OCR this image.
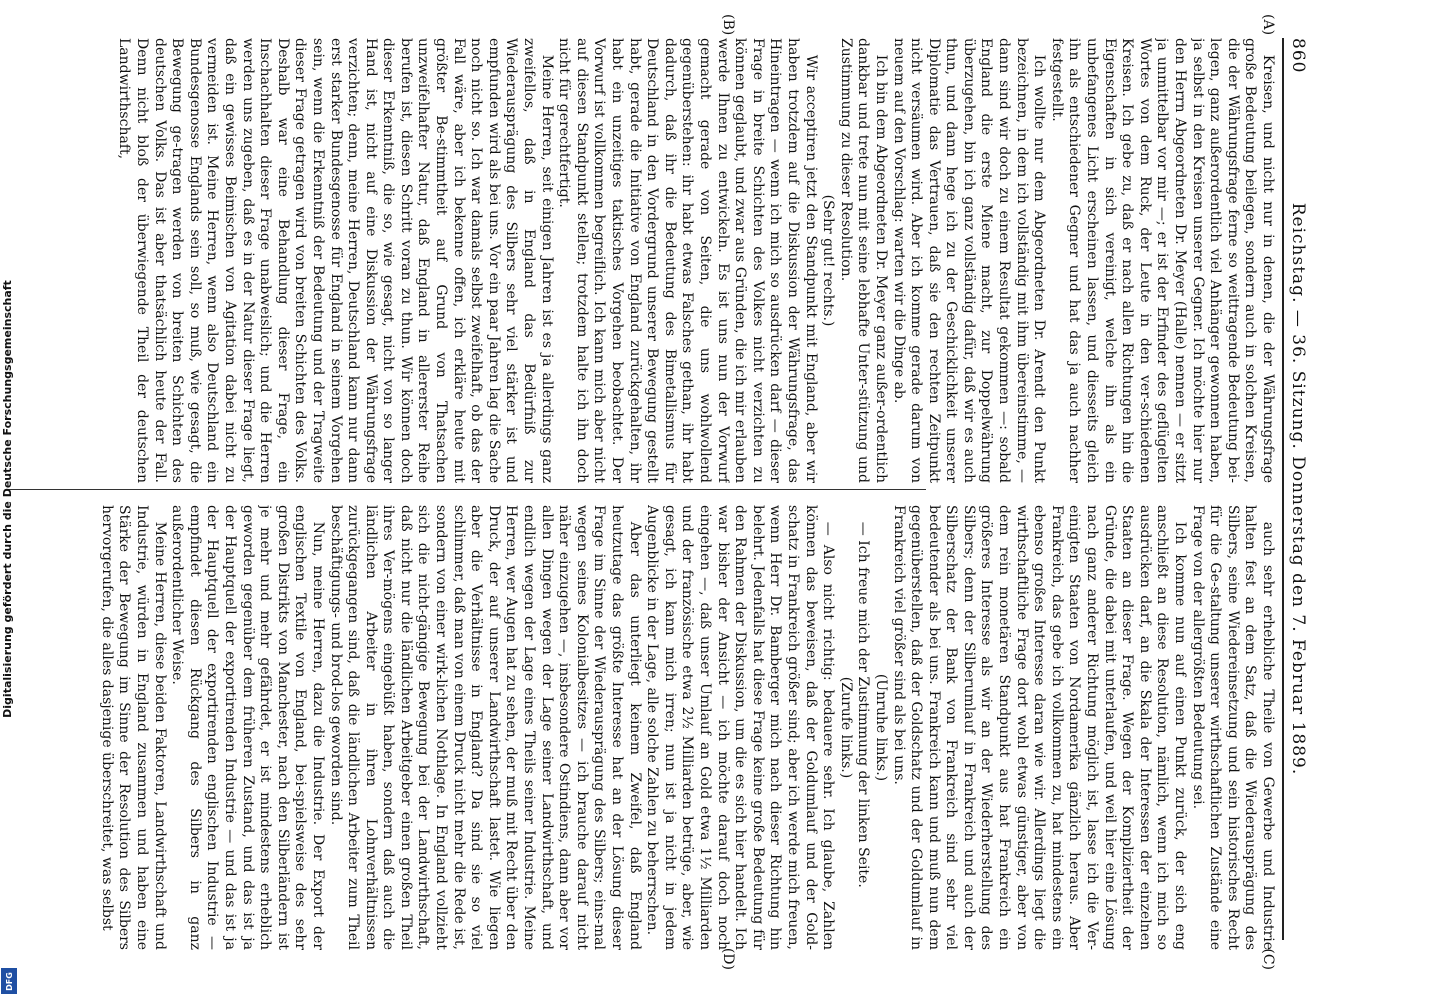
860
Reichstag. — 36. Sitzung. Donnerstag den 7. Februar 1889.
(A)
(B)
(C)
(D)

Kreisen, und nicht nur in denen, die der Währungsfrage große Bedeutung beilegen, sondern auch in solchen Kreisen, die der Währungsfrage ferne so weittragende Bedeutung bei-legen, ganz außerordentlich viel Anhänger gewonnen haben, ja selbst in den Kreisen unserer Gegner. Ich möchte hier nur den Herrn Abgeordneten Dr. Meyer (Halle) nennen — er sitzt ja unmittelbar vor mir —; er ist der Erfinder des geflügelten Wortes von dem Ruck, der Leute in den ver-schiedenen Kreisen. Ich gebe zu, daß er nach allen Richtungen hin die Eigenschaften in sich vereinigt, welche ihn als ein unbefangenes Licht erscheinen lassen, und diesseits gleich ihn als entschiedener Gegner und hat das ja auch nachher festgestellt.

Ich wollte nur dem Abgeordneten Dr. Arendt den Punkt bezeichnen, in dem ich vollständig mit ihm übereinstimme, — dann sind wir doch zu einem Resultat gekommen —: sobald England die erste Miene macht, zur Doppelwährung überzugehen, bin ich ganz vollständig dafür, daß wir es auch thun, und dann hege ich zu der Geschicklichkeit unserer Diplomatie das Vertrauen, daß sie den rechten Zeitpunkt nicht versäumen wird. Aber ich komme gerade darum von neuem auf den Vorschlag: warten wir die Dinge ab.

Ich bin dem Abgeordneten Dr. Meyer ganz außer-ordentlich dankbar und trete nun mit seine lebhafte Unter-stützung und Zustimmung zu dieser Resolution.

(Sehr gut! rechts.)

Wir acceptiren jetzt den Standpunkt mit England, aber wir haben trotzdem auf die Diskussion der Währungsfrage, das Hineintragen — wenn ich mich so ausdrücken darf — dieser Frage in breite Schichten des Volkes nicht verzichten zu können geglaubt, und zwar aus Gründen, die ich mir erlauben werde Ihnen zu entwickeln. Es ist uns nun der Vorwurf gemacht gerade von Seiten, die uns wohlwollend gegenüberstehen: ihr habt etwas Falsches gethan, ihr habt dadurch, daß ihr die Bedeutung des Bimetallismus für Deutschland in den Vordergrund unserer Bewegung gestellt habt, gerade die Initiative von England zurückgehalten, ihr habt ein unzeitiges taktisches Vorgehen beobachtet. Der Vorwurf ist vollkommen begreiflich. Ich kann mich aber nicht auf diesen Standpunkt stellen; trotzdem halte ich ihn doch nicht für gerechtfertigt.

Meine Herren, seit einigen Jahren ist es ja allerdings ganz zweifellos, daß in England das Bedürfniß zur Wiederausprägung des Silbers sehr viel stärker ist und empfunden wird als bei uns. Vor ein paar Jahren lag die Sache noch nicht so. Ich war damals selbst zweifelhaft, ob das der Fall wäre, aber ich bekenne offen, ich erkläre heute mit größter Be-stimmtheit auf Grund von Thatsachen unzweifelhafter Natur, daß England in allererster Reihe berufen ist, diesen Schritt voran zu thun. Wir können doch dieser Erkenntniß, die so, wie gesagt, nicht von so langer Hand ist, nicht auf eine Diskussion der Währungsfrage verzichten; denn, meine Herren, Deutschland kann nur dann erst starker Bundesgenosse für England in seinem Vorgehen sein, wenn die Erkenntniß der Bedeutung und der Tragweite dieser Frage getragen wird von breiten Schichten des Volks. Deshalb war eine Behandlung dieser Frage, ein Inschachhalten dieser Frage unabweislich; und die Herren werden uns zugeben, daß es in der Natur dieser Frage liegt, daß ein gewisses Beimischen von Agitation dabei nicht zu vermeiden ist. Meine Herren, wenn also Deutschland ein Bundesgenosse Englands sein soll, so muß, wie gesagt, die Bewegung ge-tragen werden von breiten Schichten des deutschen Volks. Das ist aber thatsächlich heute der Fall. Denn nicht bloß der überwiegende Theil der deutschen Landwirthschaft,

auch sehr erhebliche Theile von Gewerbe und Industrie halten fest an dem Satz, daß die Wiederausprägung des Silbers, seine Wiedereinsetzung und sein historisches Recht für die Ge-staltung unserer wirthschaftlichen Zustände eine Frage von der allergrößten Bedeutung sei.

Ich komme nun auf einen Punkt zurück, der sich eng anschließt an diese Resolution, nämlich, wenn ich mich so ausdrücken darf, an die Skala der Interessen der einzelnen Staaten an dieser Frage. Wegen der Kompliziertheit der Gründe, die dabei mit unterlaufen, und weil hier eine Lösung nach ganz anderer Richtung möglich ist, lasse ich die Ver-einigten Staaten von Nordamerika gänzlich heraus. Aber Frankreich, das gebe ich vollkommen zu, hat mindestens ein ebenso großes Interesse daran wie wir. Allerdings liegt die wirthschaftliche Frage dort wohl etwas günstiger, aber von dem rein monetären Standpunkt aus hat Frankreich ein größeres Interesse als wir an der Wiederherstellung des Silbers; denn der Silberumlauf in Frankreich und auch der Silberschatz der Bank von Frankreich sind sehr viel bedeutender als bei uns. Frankreich kann und muß nun dem gegenüberstellen, daß der Goldschatz und der Goldumlauf in Frankreich viel größer sind als bei uns.

(Unruhe links.)

— Ich freue mich der Zustimmung der linken Seite.

(Zurufe links.)

— Also nicht richtig: bedauere sehr. Ich glaube, Zahlen können das beweisen, daß der Goldumlauf und der Gold-schatz in Frankreich größer sind; aber ich werde mich freuen, wenn Herr Dr. Bamberger mich nach dieser Richtung hin belehrt. Jedenfalls hat diese Frage keine große Bedeutung für den Rahmen der Diskussion, um die es sich hier handelt. Ich war bisher der Ansicht — ich möchte darauf doch noch eingehen —, daß unser Umlauf an Gold etwa 1½ Milliarden und der französische etwa 2½ Milliarden betrüge, aber, wie gesagt, ich kann mich irren; nun ist ja nicht in jedem Augenblicke in der Lage, alle solche Zahlen zu beherrschen.

Aber das unterliegt keinem Zweifel, daß England heutzutage das größte Interesse hat an der Lösung dieser Frage im Sinne der Wiederausprägung des Silbers; eins-mal wegen seines Kolonialbesitzes — ich brauche darauf nicht näher einzugehen —, insbesondere Ostindiens, dann aber vor allen Dingen wegen der Lage seiner Landwirthschaft, und endlich wegen der Lage eines Theils seiner Industrie. Meine Herren, wer Augen hat zu sehen, der muß mit Recht über den Druck, der auf unserer Landwirthschaft lastet. Wie liegen aber die Verhältnisse in England? Da sind sie so viel schlimmer, daß man von einem Druck nicht mehr die Rede ist, sondern von einer wirk-lichen Nothlage. In England vollzieht sich die nicht-gängige Bewegung bei der Landwirthschaft, daß nicht nur die ländlichen Arbeitgeber einen großen Theil ihres Ver-mögens eingebüßt haben, sondern daß auch die ländlichen Arbeiter in ihren Lohnverhältnissen zurückgegangen sind, daß die ländlichen Arbeiter zum Theil beschäftigungs- und brod-los geworden sind.

Nun, meine Herren, dazu die Industrie. Der Export der englischen Textile von England, bei-spielsweise des sehr großen Distrikts von Manchester, nach den Silberländern ist je mehr und mehr gefährdet, er ist mindestens erheblich geworden gegenüber dem früheren Zustand, und das ist ja der Hauptquell der exportirenden Industrie — und das ist ja der Hauptquell der exportirenden englischen Industrie — empfindet diesen Rückgang des Silbers in ganz außerordentlicher Weise.

Meine Herren, diese beiden Faktoren, Landwirthschaft und Industrie, würden in England zusammen und haben eine Stärke der Bewegung im Sinne der Resolution des Silbers hervorgerufen, die alles dasjenige überschreitet, was selbst

Digitalisierung gefördert durch die Deutsche Forschungsgemeinschaft
DFG
